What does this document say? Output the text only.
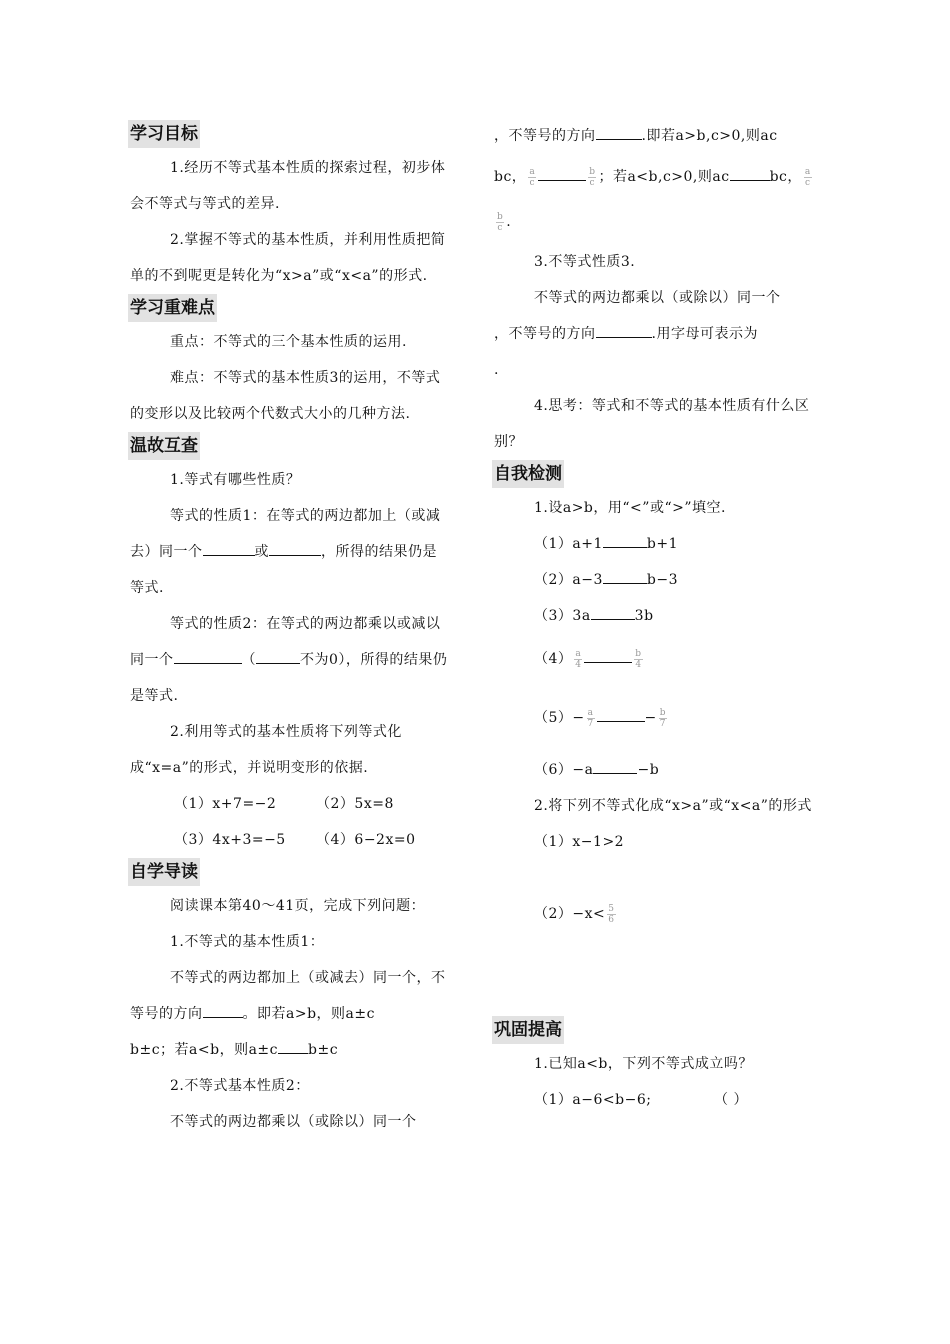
学习目标
1.经历不等式基本性质的探索过程，初步体会不等式与等式的差异.
2.掌握不等式的基本性质，并利用性质把简单的不到呢更是转化为“x>a”或“x<a”的形式.
学习重难点
重点：不等式的三个基本性质的运用.
难点：不等式的基本性质3的运用，不等式的变形以及比较两个代数式大小的几种方法.
温故互查
1.等式有哪些性质？
等式的性质1：在等式的两边都加上（或减去）同一个	或	，所得的结果仍是等式.
等式的性质2：在等式的两边都乘以或减以同一个	（	不为0），所得的结果仍是等式.
2.利用等式的基本性质将下列等式化成“x=a”的形式，并说明变形的依据.
（1）x+7=−2	（2）5x=8
（3）4x+3=−5 （4）6−2x=0
自学导读
阅读课本第40～41页，完成下列问题：
1.不等式的基本性质1：
不等式的两边都加上（或减去）同一个，不等号的方向	。即若a>b，则a±c
b±c；若a<b，则a±c b±c
2.不等式基本性质2：
不等式的两边都乘以（或除以）同一个
，不等号的方向	.即若a>b,c>0,则ac
bc， $\frac{a}{c}$	$\frac{b}{c}$ ；若a<b,c>0,则ac	bc， $\frac{a}{c}$
$\frac{b}{c}$ .
3.不等式性质3.
不等式的两边都乘以（或除以）同一个
，不等号的方向	.用字母可表示为
.
4.思考：等式和不等式的基本性质有什么区别？
自我检测
1.设a>b，用“<”或“>”填空.
（1）a+1	b+1
（2）a−3	b−3
（3）3a	3b
$(4) \frac{a}{4}$	$\frac{b}{4}$
$(5)- \frac{a}{7}$	− $\frac{b}{7}$
（6）−a	−b
2.将下列不等式化成“x>a”或“x<a”的形式
（1）x−1>2
$(2)-x< \frac{5}{6}$
巩固提高
1.已知a<b，下列不等式成立吗？
（1）a−6<b−6;	（ ）
